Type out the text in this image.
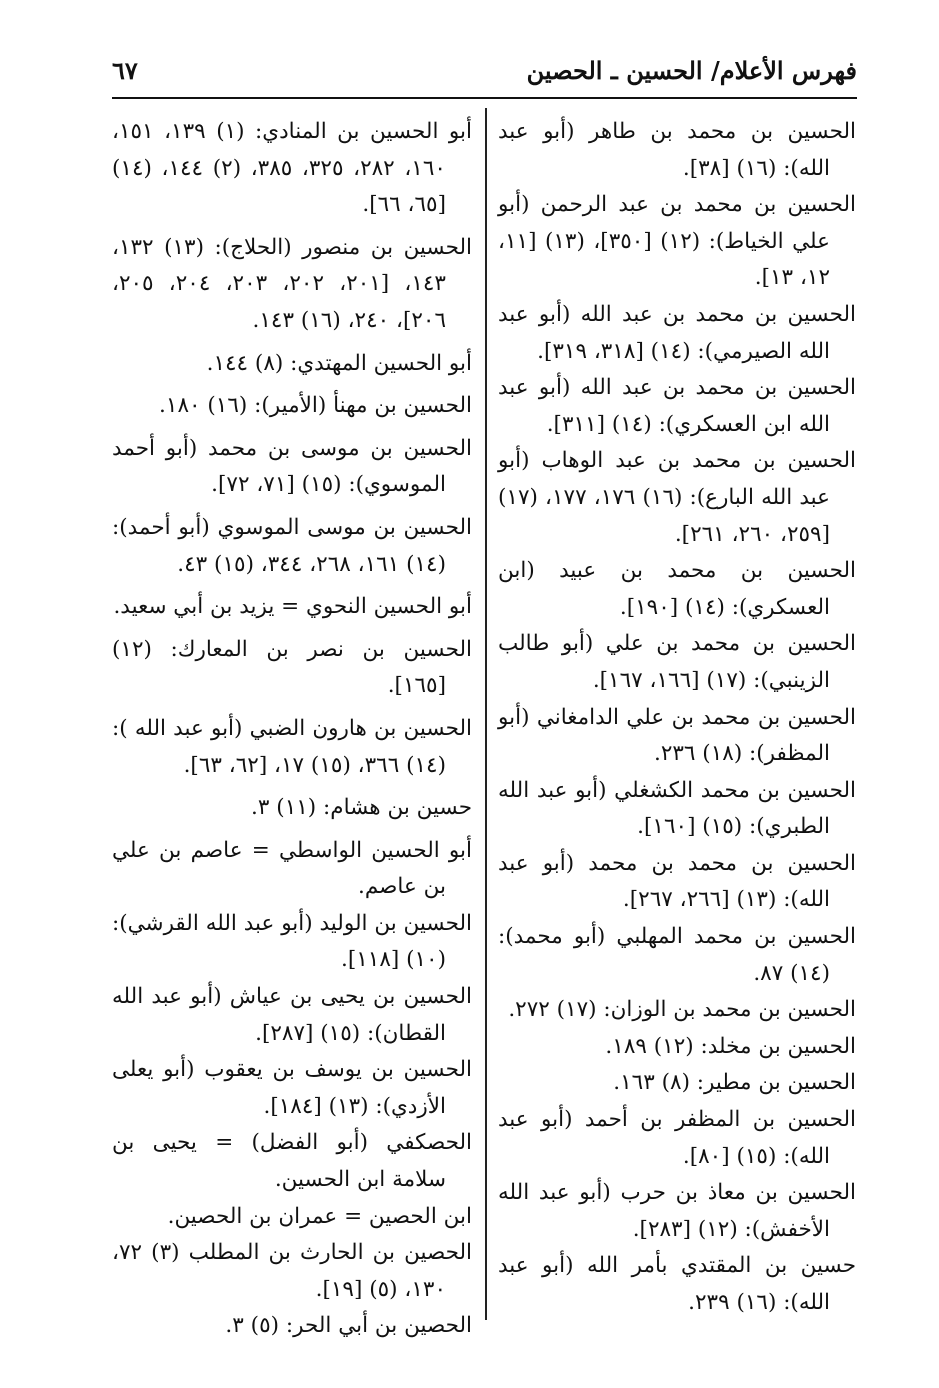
فهرس الأعلام/ الحسين ـ الحصين
٦٧

الحسين بن محمد بن طاهر (أبو عبد الله): (١٦) [٣٨].

الحسين بن محمد بن عبد الرحمن (أبو علي الخياط): (١٢) [٣٥٠]، (١٣) [١١، ١٢، ١٣].

الحسين بن محمد بن عبد الله (أبو عبد الله الصيرمي): (١٤) [٣١٨، ٣١٩].

الحسين بن محمد بن عبد الله (أبو عبد الله ابن العسكري): (١٤) [٣١١].

الحسين بن محمد بن عبد الوهاب (أبو عبد الله البارع): (١٦) ١٧٦، ١٧٧، (١٧) [٢٥٩، ٢٦٠، ٢٦١].

الحسين بن محمد بن عبيد (ابن العسكري): (١٤) [١٩٠].

الحسين بن محمد بن علي (أبو طالب الزينبي): (١٧) [١٦٦، ١٦٧].

الحسين بن محمد بن علي الدامغاني (أبو المظفر): (١٨) ٢٣٦.

الحسين بن محمد الكشغلي (أبو عبد الله الطبري): (١٥) [١٦٠].

الحسين بن محمد بن محمد (أبو عبد الله): (١٣) [٢٦٦، ٢٦٧].

الحسين بن محمد المهلبي (أبو محمد): (١٤) ٨٧.

الحسين بن محمد بن الوزان: (١٧) ٢٧٢.

الحسين بن مخلد: (١٢) ١٨٩.

الحسين بن مطير: (٨) ١٦٣.

الحسين بن المظفر بن أحمد (أبو عبد الله): (١٥) [٨٠].

الحسين بن معاذ بن حرب (أبو عبد الله الأخفش): (١٢) [٢٨٣].

حسين بن المقتدي بأمر الله (أبو عبد الله): (١٦) ٢٣٩.

أبو الحسين بن المنادي: (١) ١٣٩، ١٥١، ١٦٠، ٢٨٢، ٣٢٥، ٣٨٥، (٢) ١٤٤، (١٤) [٦٥، ٦٦].

الحسين بن منصور (الحلاج): (١٣) ١٣٢، ١٤٣، [٢٠١، ٢٠٢، ٢٠٣، ٢٠٤، ٢٠٥، ٢٠٦]، ٢٤٠، (١٦) ١٤٣.

أبو الحسين المهتدي: (٨) ١٤٤.

الحسين بن مهنأ (الأمير): (١٦) ١٨٠.

الحسين بن موسى بن محمد (أبو أحمد الموسوي): (١٥) [٧١، ٧٢].

الحسين بن موسى الموسوي (أبو أحمد): (١٤) ١٦١، ٢٦٨، ٣٤٤، (١٥) ٤٣.

أبو الحسين النحوي = يزيد بن أبي سعيد.

الحسين بن نصر بن المعارك: (١٢) [١٦٥].

الحسين بن هارون الضبي (أبو عبد الله ): (١٤) ٣٦٦، (١٥) ١٧، [٦٢، ٦٣].

حسين بن هشام: (١١) ٣.

أبو الحسين الواسطي = عاصم بن علي بن عاصم.

الحسين بن الوليد (أبو عبد الله القرشي): (١٠) [١١٨].

الحسين بن يحيى بن عياش (أبو عبد الله القطان): (١٥) [٢٨٧].

الحسين بن يوسف بن يعقوب (أبو يعلى الأزدي): (١٣) [١٨٤].

الحصكفي (أبو الفضل) = يحيى بن سلامة ابن الحسين.

ابن الحصين = عمران بن الحصين.

الحصين بن الحارث بن المطلب (٣) ٧٢، ١٣٠، (٥) [١٩].

الحصين بن أبي الحر: (٥) ٣.
